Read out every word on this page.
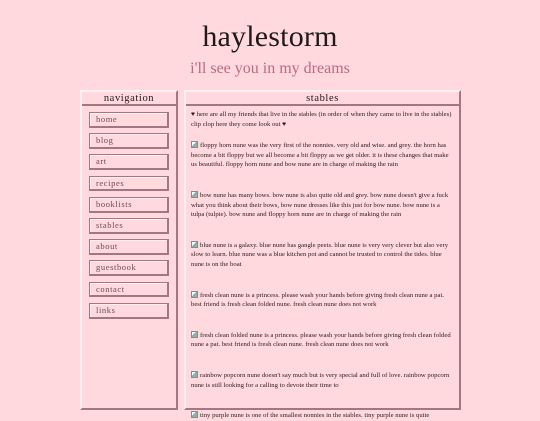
haylestorm
i'll see you in my dreams
navigation
home
blog
art
recipes
booklists
stables
about
guestbook
contact
links
stables

♥ here are all my friends that live in the stables (in order of when they came to live in the stables) clip clop here they come look out ♥

floppy horn nune was the very first of the nonnies. very old and wise. and grey. the horn has become a bit floppy but we all become a bit floppy as we get older. it is these changes that make us beautiful. floppy horn nune and bow nune are in charge of making the rain

bow nune has many bows. bow nune is also quite old and grey. bow nune doesn't give a fuck what you think about their bows, bow nune dresses like this just for bow nune. bow nune is a tulpa (tulpie). bow nune and floppy horn nune are in charge of making the rain

blue nune is a galaxy. blue nune has gangle peets. blue nune is very very clever but also very slow to learn. blue nune was a blue kitchen pot and cannot be trusted to control the tides. blue nune is on the boat

fresh clean nune is a princess. please wash your hands before giving fresh clean nune a pat. best friend is fresh clean folded nune. fresh clean nune does not work

fresh clean folded nune is a princess. please wash your hands before giving fresh clean folded nune a pat. best friend is fresh clean nune. fresh clean nune does not work

rainbow popcorn nune doesn't say much but is very special and full of love. rainbow popcorn nune is still looking for a calling to devote their time to

tiny purple nune is one of the smallest nonnies in the stables. tiny purple nune is quite
